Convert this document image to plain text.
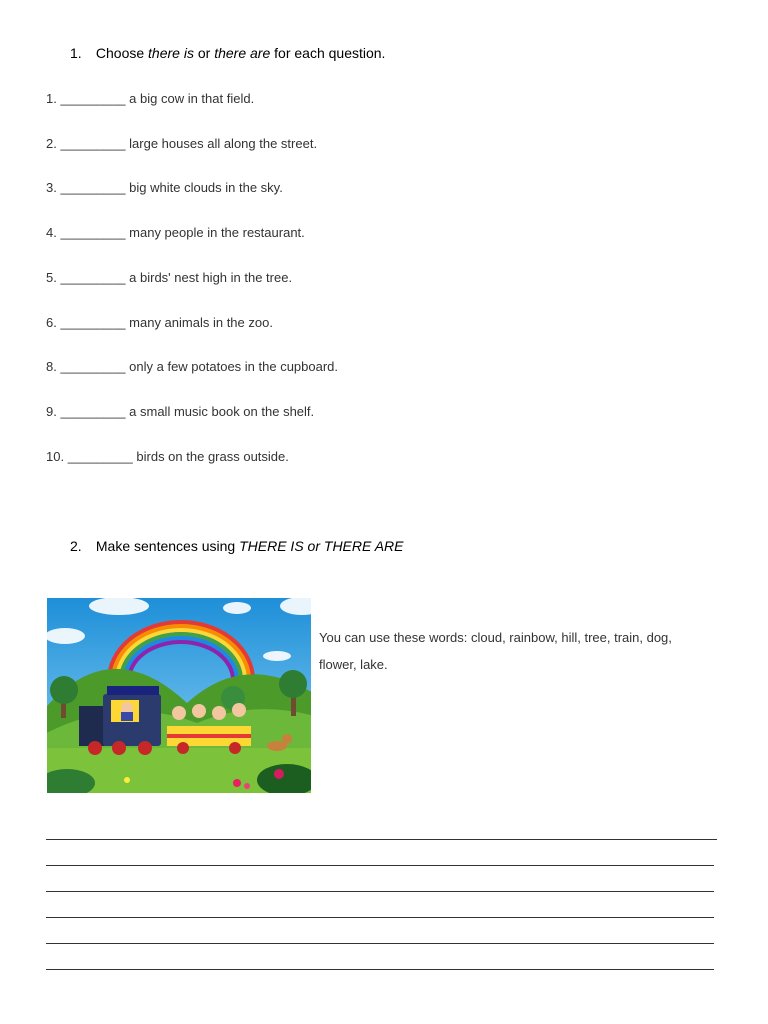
1. Choose there is or there are for each question.
1. _________ a big cow in that field.
2. _________ large houses all along the street.
3. _________ big white clouds in the sky.
4. _________ many people in the restaurant.
5. _________ a birds' nest high in the tree.
6. _________ many animals in the zoo.
8. _________ only a few potatoes in the cupboard.
9. _________ a small music book on the shelf.
10. _________ birds on the grass outside.
2. Make sentences using THERE IS or THERE ARE
You can use these words: cloud, rainbow, hill, tree, train, dog,
flower, lake.
